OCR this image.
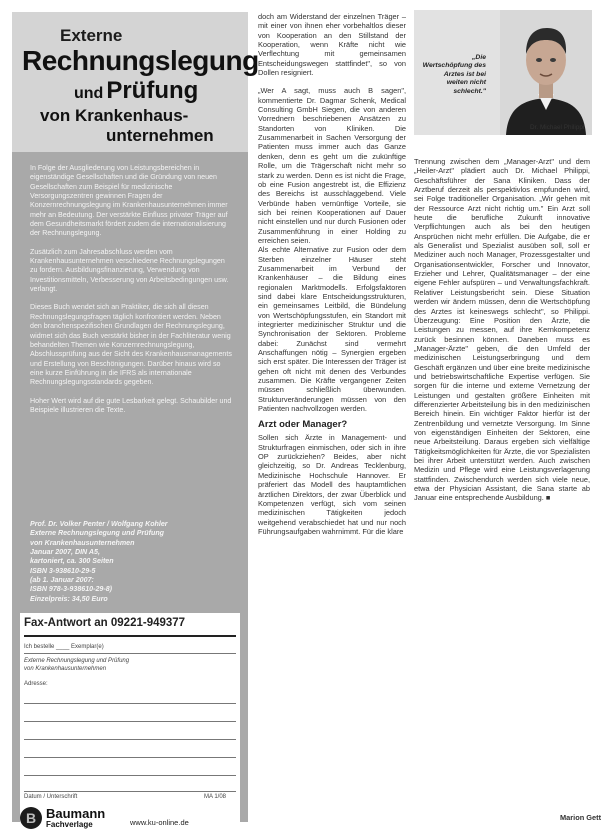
Externe
Rechnungslegung
und Prüfung
von Krankenhaus-
unternehmen

In Folge der Ausgliederung von Leistungsbereichen in eigenständige Gesellschaften und die Gründung von neuen Gesellschaften zum Beispiel für medizinische Versorgungszentren gewinnen Fragen der Konzernrechnungslegung im Krankenhausunternehmen immer mehr an Bedeutung. Der verstärkte Einfluss privater Träger auf dem Gesundheitsmarkt fördert zudem die internationalisierung der Rechnungslegung.

Zusätzlich zum Jahresabschluss werden vom Krankenhausunternehmen verschiedene Rechnungslegungen zu fordern. Ausbildungsfinanzierung, Verwendung von Investitionsmitteln, Verbesserung von Arbeitsbedingungen usw. verlangt.

Dieses Buch wendet sich an Praktiker, die sich all diesen Rechnungslegungsfragen täglich konfrontiert werden. Neben den branchenspezifischen Grundlagen der Rechnungslegung, widmet sich das Buch verstärkt bisher in der Fachliteratur wenig behandelten Themen wie Konzernrechnungslegung, Abschlussprüfung aus der Sicht des Krankenhausmanagements und Erstellung von Beschönigungen. Darüber hinaus wird so eine kurze Einführung in die IFRS als internationale Rechnungslegungsstandards gegeben.

Hoher Wert wird auf die gute Lesbarkeit gelegt. Schaubilder und Beispiele illustrieren die Texte.

Prof. Dr. Volker Penter / Wolfgang Kohler
Externe Rechnungslegung und Prüfung
von Krankenhausunternehmen
Januar 2007, DIN A5,
kartoniert, ca. 300 Seiten
ISBN 3-938610-29-5
(ab 1. Januar 2007:
ISBN 978-3-938610-29-8)
Einzelpreis: 34,50 Euro
Fax-Antwort an 09221-949377
Ich bestelle ____ Exemplar(e)
Externe Rechnungslegung und Prüfung
von Krankenhausunternehmen
Adresse:
Datum / Unterschrift	MA 1/08
B Baumann
Fachverlage	www.ku-online.de

doch am Widerstand der einzelnen Träger – mit einer von ihnen eher vorbehaltlos dieser von Kooperation an den Stillstand der Kooperation, wenn Kräfte nicht wie Verflechtung mit gemeinsamen Entscheidungswegen stattfindet", so von Dollen resigniert.

„Wer A sagt, muss auch B sagen", kommentierte Dr. Dagmar Schenk, Medical Consulting GmbH Siegen, die von anderen Vorrednern beschriebenen Ansätzen zu Standorten von Kliniken. Die Zusammenarbeit in Sachen Versorgung der Patienten muss immer auch das Ganze denken, denn es geht um die zukünftige Rolle, um die Trägerschaft nicht mehr so stark zu werden. Denn es ist nicht die Frage, ob eine Fusion angestrebt ist, die Effizienz des Bereichs ist ausschlaggebend. Viele Verbünde haben vernünftige Vorteile, sie sich bei reinen Kooperationen auf Dauer nicht einstellen und nur durch Fusionen oder Zusammenführung in einer Holding zu erreichen seien.

Als echte Alternative zur Fusion oder dem Sterben einzelner Häuser steht Zusammenarbeit im Verbund der Krankenhäuser – die Bildung eines regionalen Marktmodells. Erfolgsfaktoren sind dabei klare Entscheidungsstrukturen, ein gemeinsames Leitbild, die Bündelung von Wertschöpfungsstufen, ein Standort mit integrierter medizinischer Struktur und die Synchronisation der Sektoren. Probleme dabei: Zunächst sind vermehrt Anschaffungen nötig – Synergien ergeben sich erst später. Die Interessen der Träger ist gehen oft nicht mit denen des Verbundes zusammen. Die Kräfte vergangener Zeiten müssen schließlich überwunden. Strukturveränderungen müssen von den Patienten nachvollzogen werden.

Arzt oder Manager?

Sollen sich Ärzte in Management- und Strukturfragen einmischen, oder sich in ihre OP zurückziehen? Beides, aber nicht gleichzeitig, so Dr. Andreas Tecklenburg, Medizinische Hochschule Hannover. Er präferiert das Modell des hauptamtlichen ärztlichen Direktors, der zwar Überblick und Kompetenzen verfügt, sich vom seinen medizinischen Tätigkeiten jedoch weitgehend verabschiedet hat und nur noch Führungsaufgaben wahrnimmt. Für die klare

„Die Wertschöpfung des Arztes ist bei weiten nicht schlecht."
Dr. Michael Philippi

Trennung zwischen dem „Manager-Arzt" und dem „Heiler-Arzt" plädiert auch Dr. Michael Philippi, Geschäftsführer der Sana Kliniken. Dass der Arztberuf derzeit als perspektivlos empfunden wird, sei Folge traditioneller Organisation. „Wir gehen mit der Ressource Arzt nicht richtig um." Ein Arzt soll heute die berufliche Zukunft innovative Verpflichtungen auch als bei den heutigen Ansprüchen nicht mehr erfüllen. Die Aufgabe, die er als Generalist und Spezialist ausüben soll, soll er Mediziner auch noch Manager, Prozessgestalter und Organisationsentwickler, Forscher und Innovator, Erzieher und Lehrer, Qualitätsmanager – der eine eigene Fehler aufspüren – und Verwaltungsfachkraft. Relativer Leistungsbericht sein. Diese Situation werden wir ändern müssen, denn die Wertschöpfung des Arztes ist keineswegs schlecht", so Philippi. Überzeugung: Eine Position den Ärzte, die Leistungen zu messen, auf ihre Kernkompetenz zurück besinnen können. Daneben muss es „Manager-Ärzte" geben, die den Umfeld der medizinischen Leistungserbringung und dem Geschäft ergänzen und über eine breite medizinische und betriebswirtschaftliche Expertise verfügen. Sie sorgen für die interne und externe Vernetzung der Leistungen und gestalten größere Einheiten mit differenzierter Arbeitsteilung bis in den medizinischen Bereich hinein. Ein wichtiger Faktor hierfür ist der Zentrenbildung und vernetzte Versorgung. Im Sinne von eigenständigen Einheiten der Sektoren, eine neue Arbeitsteilung. Daraus ergeben sich vielfältige Tätigkeitsmöglichkeiten für Ärzte, die vor Spezialisten bei ihrer Arbeit unterstützt werden. Auch zwischen Medizin und Pflege wird eine Leistungsverlagerung stattfinden. Zwischendurch werden sich viele neue, etwa der Physician Assistant, die Sana starte ab Januar eine entsprechende Ausbildung. ■

Marion Gett
